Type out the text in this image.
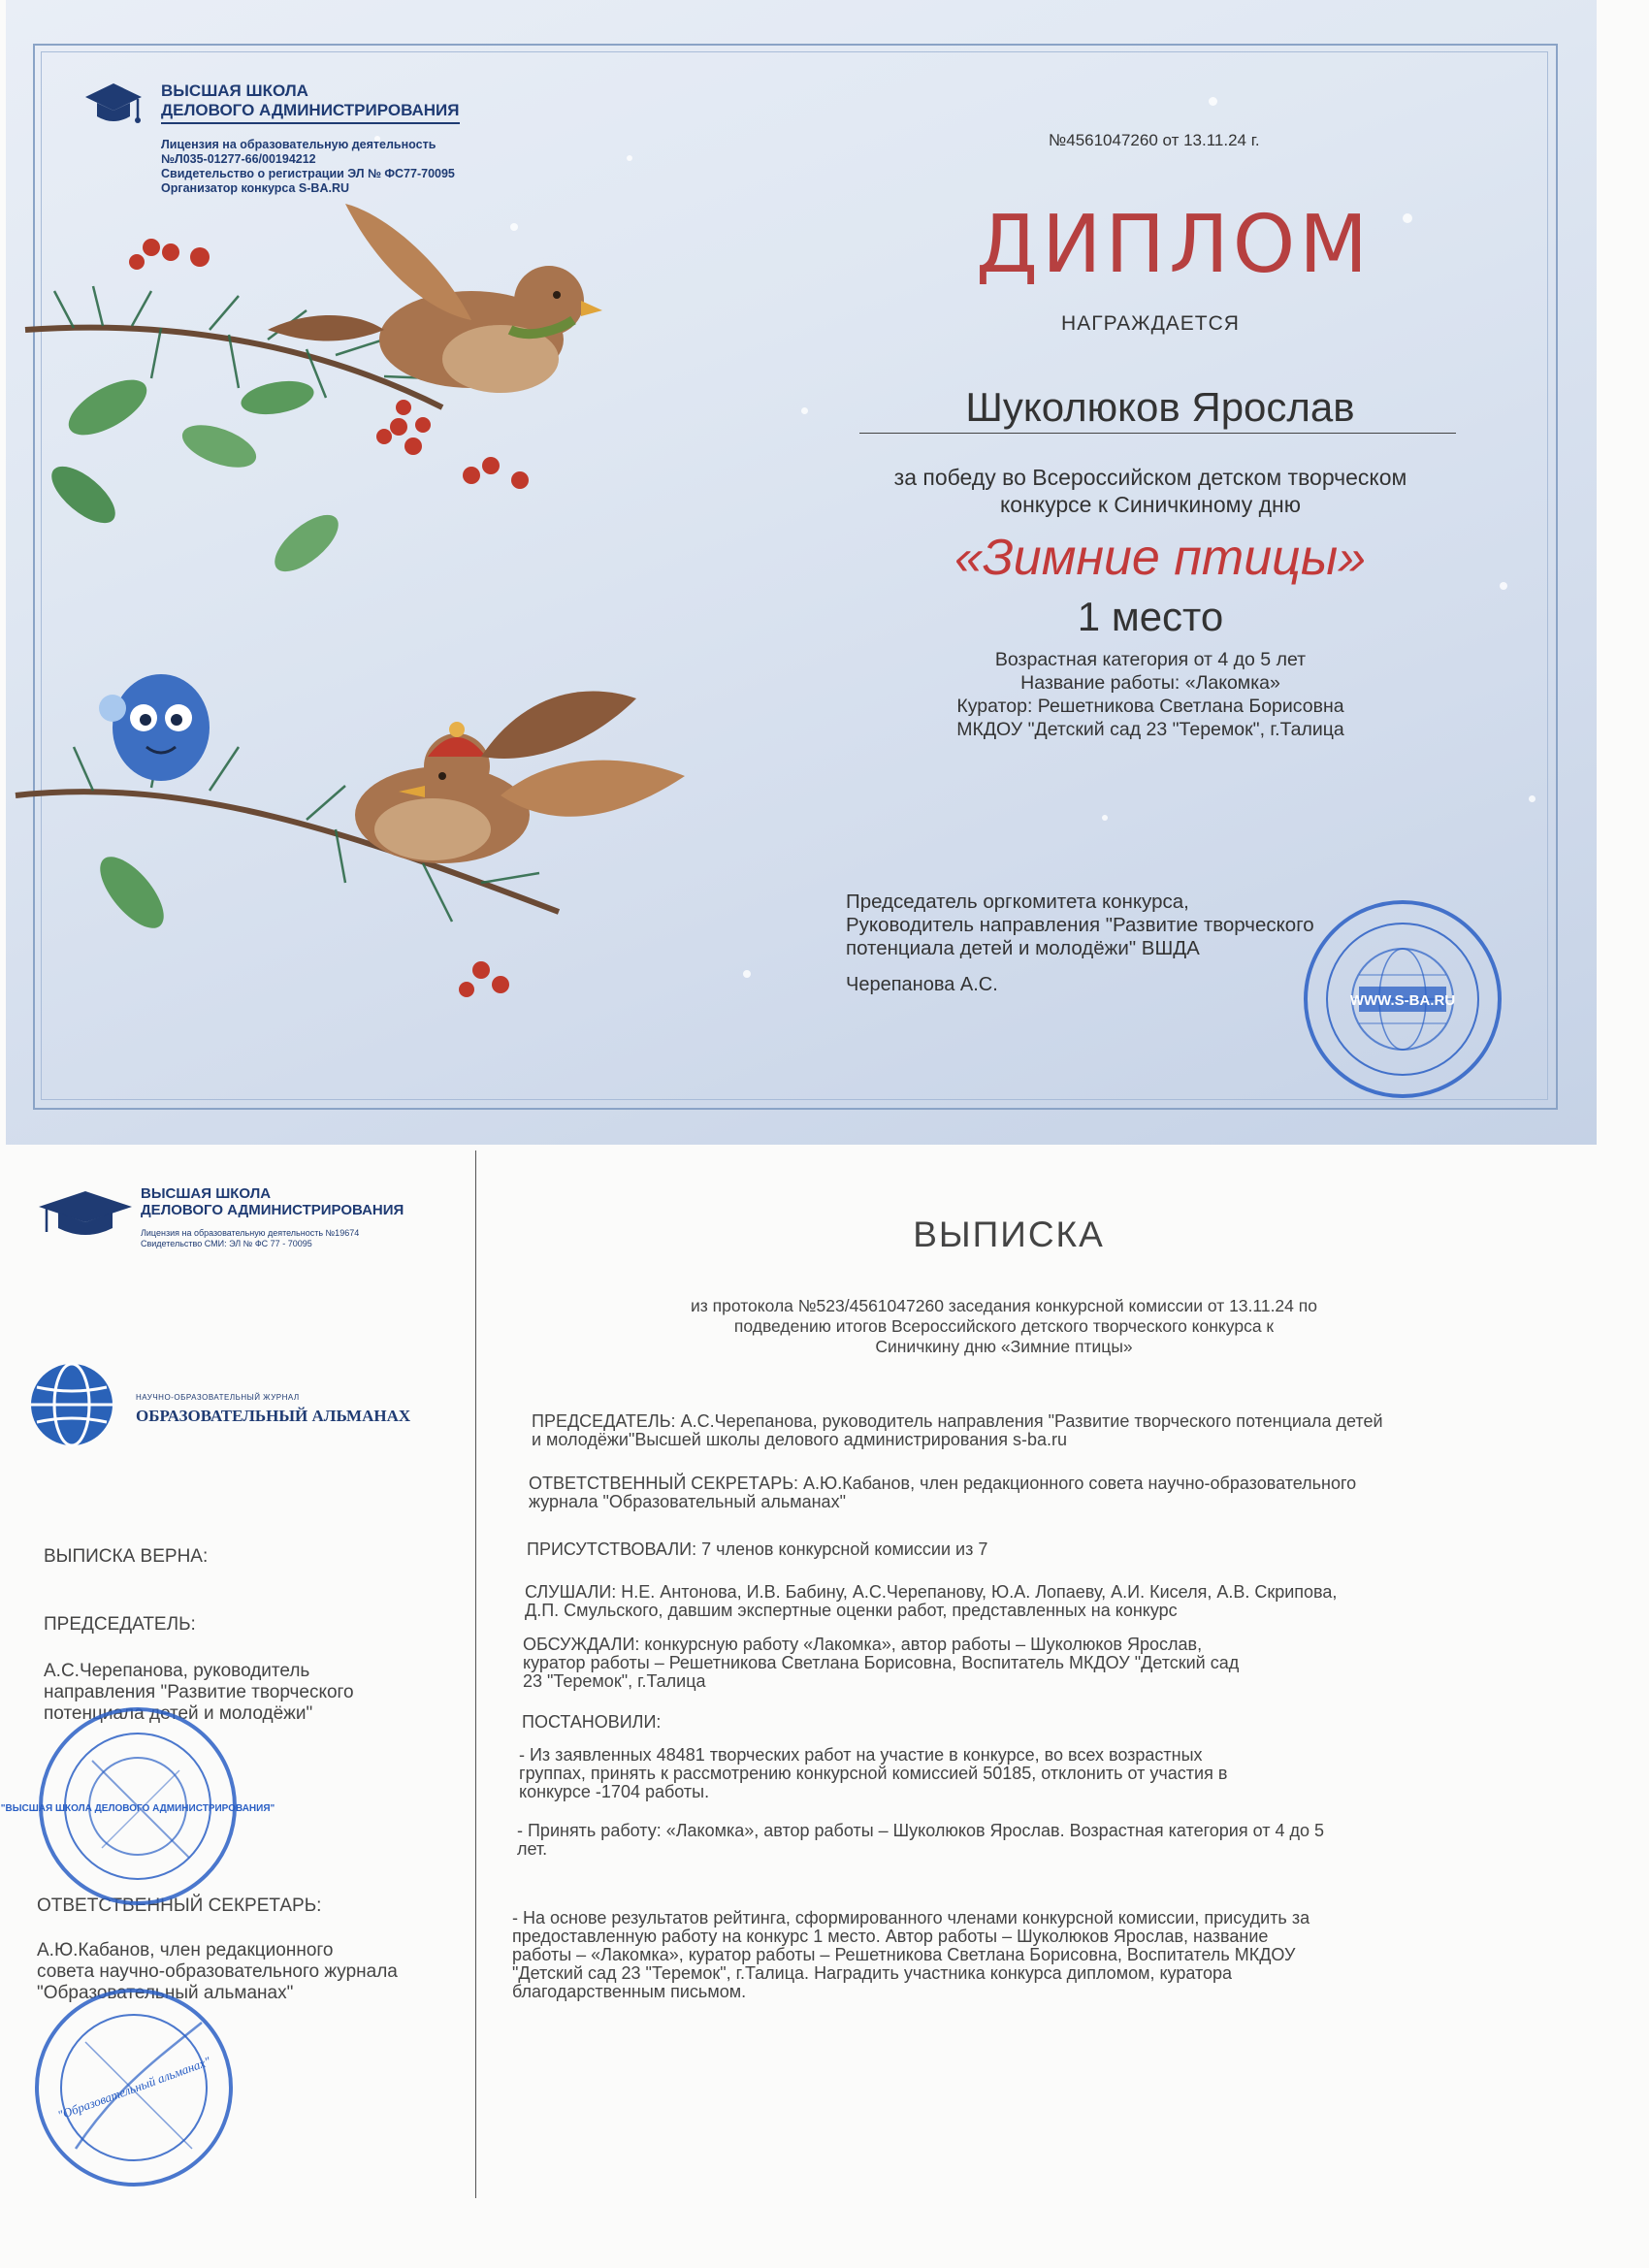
ВЫСШАЯ ШКОЛА
ДЕЛОВОГО АДМИНИСТРИРОВАНИЯ
Лицензия на образовательную деятельность
№Л035-01277-66/00194212
Свидетельство о регистрации ЭЛ № ФС77-70095
Организатор конкурса S-BA.RU
№4561047260 от 13.11.24 г.
ДИПЛОМ
НАГРАЖДАЕТСЯ
Шуколюков Ярослав
за победу во Всероссийском детском творческом
конкурсе к Синичкиному дню
«Зимние птицы»
1 место
Возрастная категория от 4 до 5 лет
Название работы: «Лакомка»
Куратор: Решетникова Светлана Борисовна
МКДОУ "Детский сад 23 "Теремок", г.Талица
Председатель оргкомитета конкурса,
Руководитель направления "Развитие творческого
потенциала детей и молодёжи" ВШДА
Черепанова А.С.
WWW.S-BA.RU
ВЫСШАЯ ШКОЛА
ДЕЛОВОГО АДМИНИСТРИРОВАНИЯ
Лицензия на образовательную деятельность №19674
Свидетельство СМИ: ЭЛ № ФС 77 - 70095
НАУЧНО-ОБРАЗОВАТЕЛЬНЫЙ ЖУРНАЛ
ОБРАЗОВАТЕЛЬНЫЙ АЛЬМАНАХ
ВЫПИСКА ВЕРНА:
ПРЕДСЕДАТЕЛЬ:
А.С.Черепанова, руководитель
направления "Развитие творческого
потенциала детей и молодёжи"
ОТВЕТСТВЕННЫЙ СЕКРЕТАРЬ:
А.Ю.Кабанов, член редакционного
совета научно-образовательного журнала
"Образовательный альманах"
"ВЫСШАЯ ШКОЛА ДЕЛОВОГО АДМИНИСТРИРОВАНИЯ"
"Образовательный альманах"
ВЫПИСКА
из протокола №523/4561047260 заседания конкурсной комиссии от 13.11.24 по
подведению итогов Всероссийского детского творческого конкурса к
Синичкину дню «Зимние птицы»
ПРЕДСЕДАТЕЛЬ: А.С.Черепанова, руководитель направления "Развитие творческого потенциала детей
и молодёжи"Высшей школы делового администрирования s-ba.ru
ОТВЕТСТВЕННЫЙ СЕКРЕТАРЬ: А.Ю.Кабанов, член редакционного совета научно-образовательного
журнала "Образовательный альманах"
ПРИСУТСТВОВАЛИ: 7 членов конкурсной комиссии из 7
СЛУШАЛИ: Н.Е. Антонова, И.В. Бабину, А.С.Черепанову, Ю.А. Лопаеву, А.И. Киселя, А.В. Скрипова,
Д.П. Смульского, давшим экспертные оценки работ, представленных на конкурс
ОБСУЖДАЛИ: конкурсную работу «Лакомка», автор работы – Шуколюков Ярослав,
куратор работы – Решетникова Светлана Борисовна, Воспитатель МКДОУ "Детский сад
23 "Теремок", г.Талица
ПОСТАНОВИЛИ:
- Из заявленных 48481 творческих работ на участие в конкурсе, во всех возрастных
группах, принять к рассмотрению конкурсной комиссией 50185, отклонить от участия в
конкурсе -1704 работы.
- Принять работу: «Лакомка», автор работы – Шуколюков Ярослав. Возрастная категория от 4 до 5
лет.
- На основе результатов рейтинга, сформированного членами конкурсной комиссии, присудить за
предоставленную работу на конкурс 1 место. Автор работы – Шуколюков Ярослав, название
работы – «Лакомка», куратор работы – Решетникова Светлана Борисовна, Воспитатель МКДОУ
"Детский сад 23 "Теремок", г.Талица. Наградить участника конкурса дипломом, куратора
благодарственным письмом.
